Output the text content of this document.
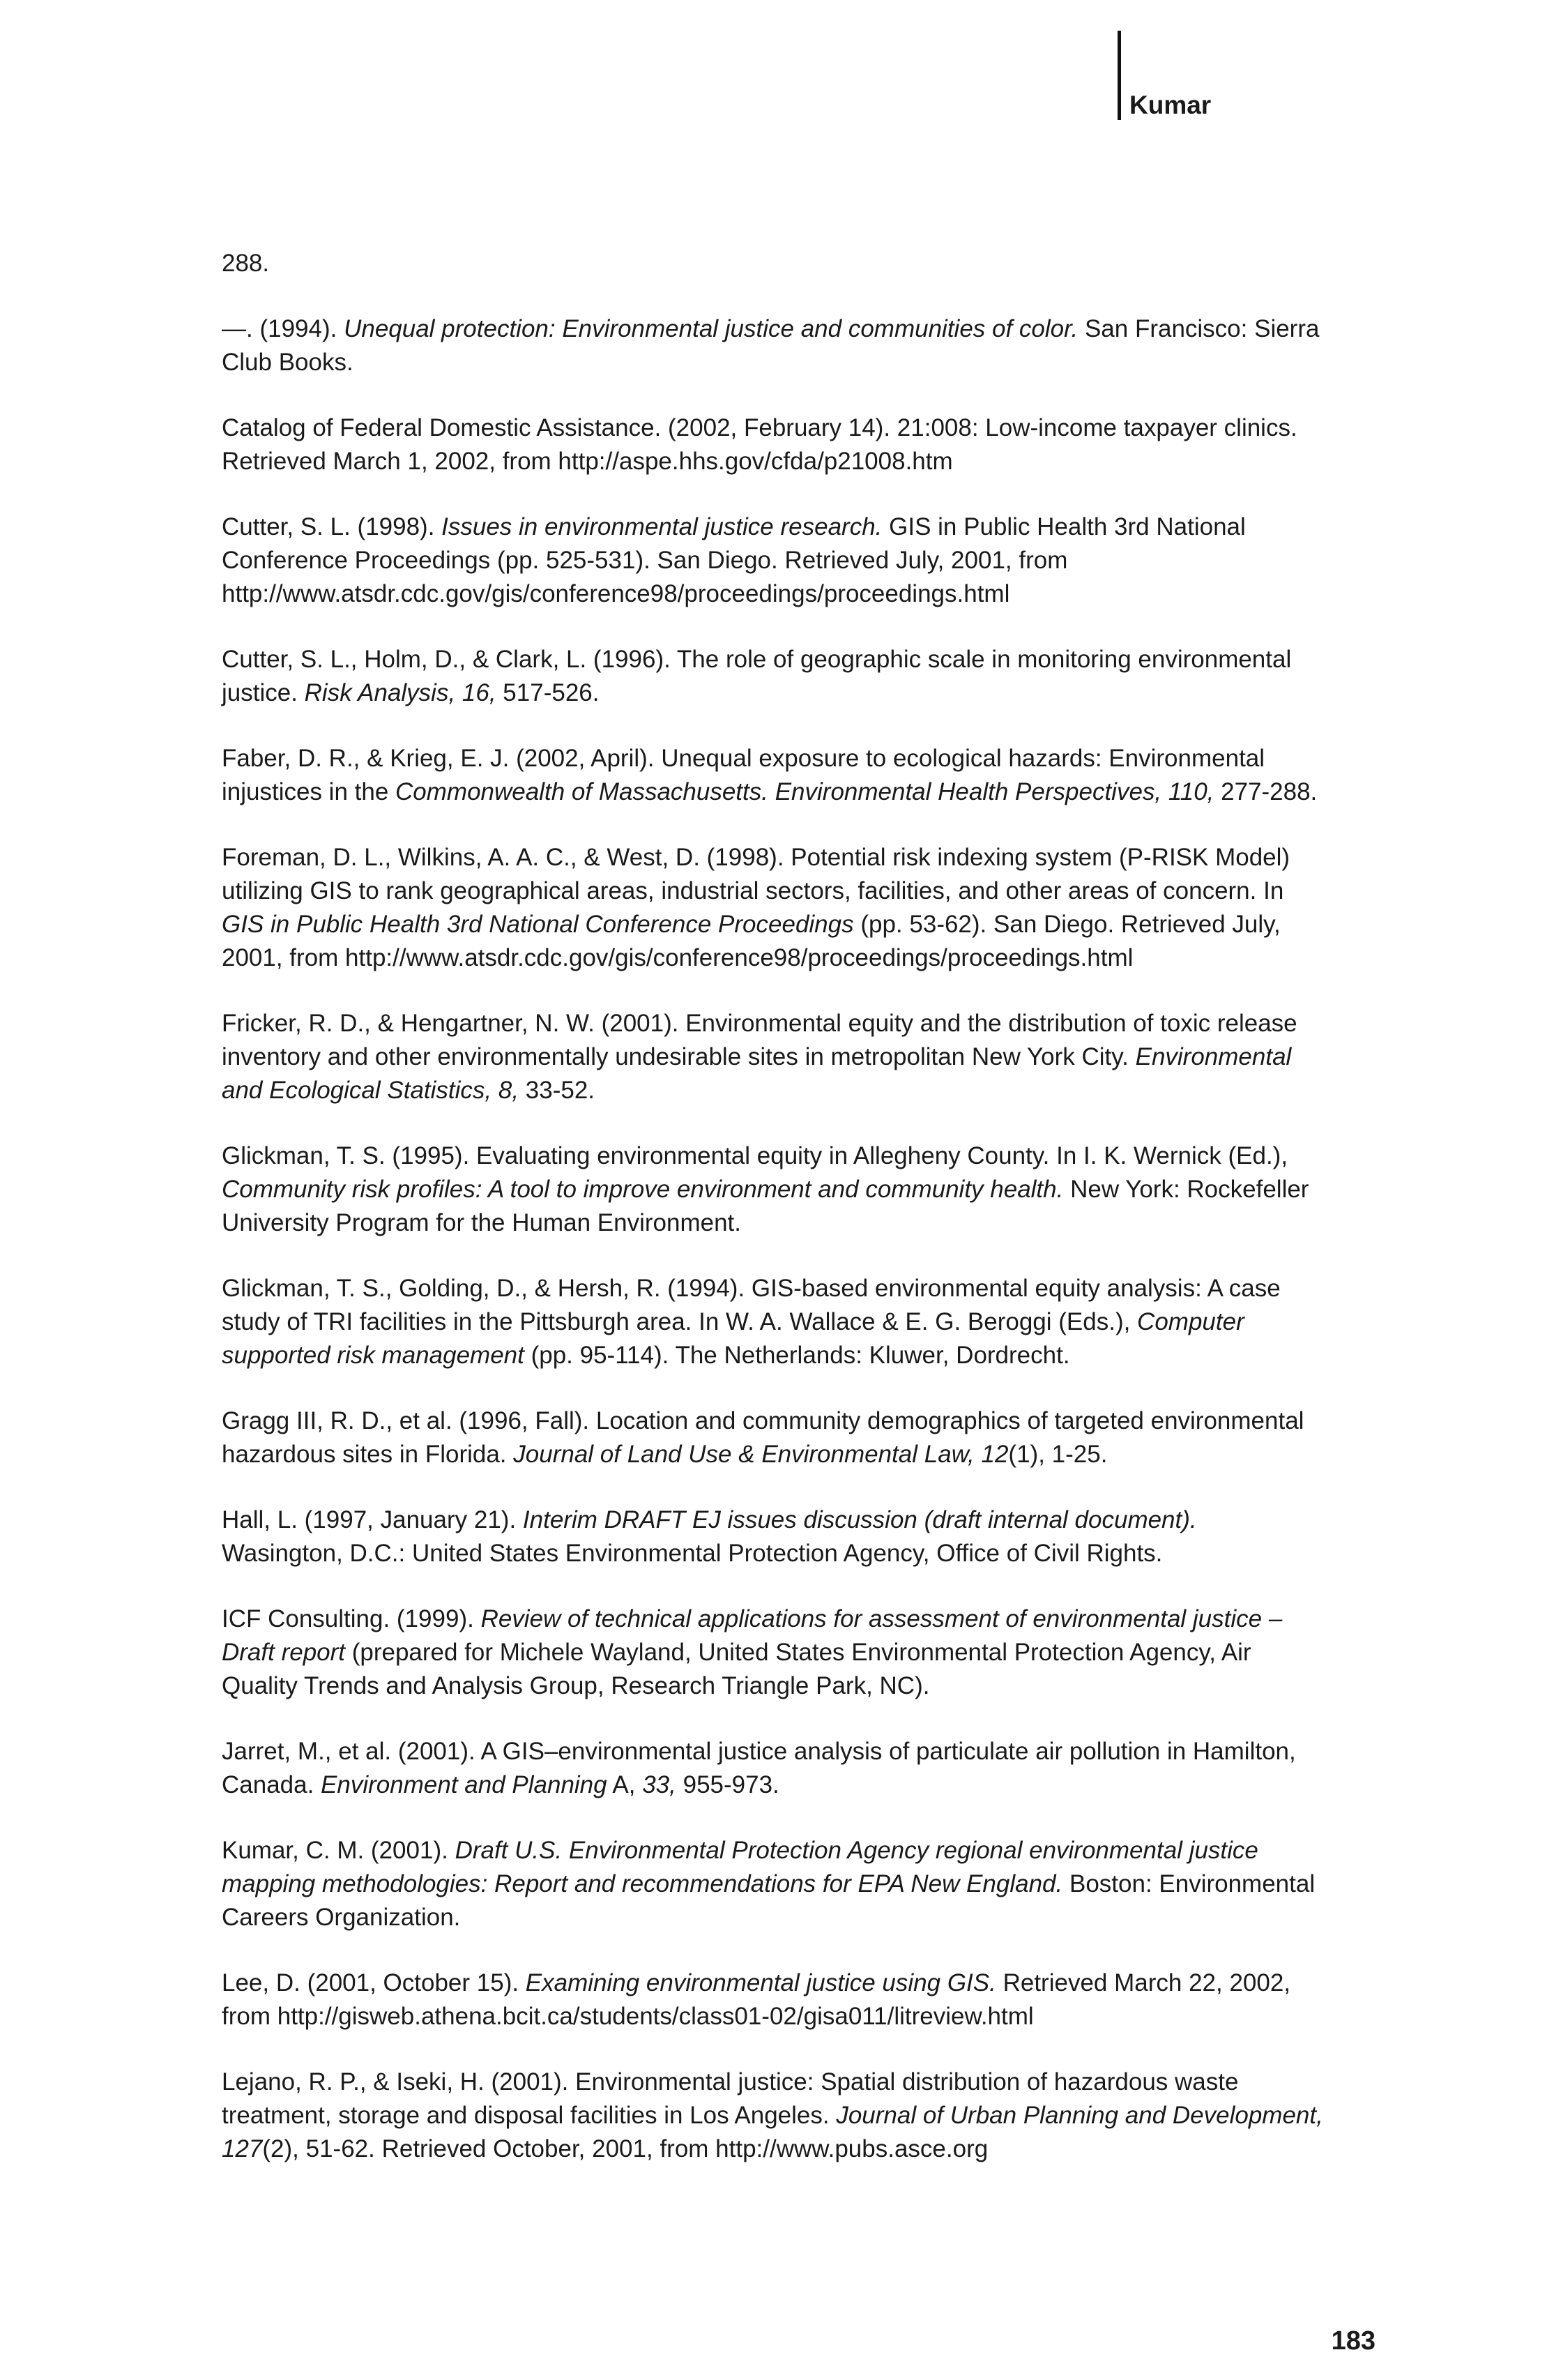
Kumar

288.

—. (1994). Unequal protection: Environmental justice and communities of color. San Francisco: Sierra Club Books.

Catalog of Federal Domestic Assistance. (2002, February 14). 21:008: Low-income taxpayer clinics. Retrieved March 1, 2002, from http://aspe.hhs.gov/cfda/p21008.htm

Cutter, S. L. (1998). Issues in environmental justice research. GIS in Public Health 3rd National Conference Proceedings (pp. 525-531). San Diego. Retrieved July, 2001, from http://www.atsdr.cdc.gov/gis/conference98/proceedings/proceedings.html

Cutter, S. L., Holm, D., & Clark, L. (1996). The role of geographic scale in monitoring environmental justice. Risk Analysis, 16, 517-526.

Faber, D. R., & Krieg, E. J. (2002, April). Unequal exposure to ecological hazards: Environmental injustices in the Commonwealth of Massachusetts. Environmental Health Perspectives, 110, 277-288.

Foreman, D. L., Wilkins, A. A. C., & West, D. (1998). Potential risk indexing system (P-RISK Model) utilizing GIS to rank geographical areas, industrial sectors, facilities, and other areas of concern. In GIS in Public Health 3rd National Conference Proceedings (pp. 53-62). San Diego. Retrieved July, 2001, from http://www.atsdr.cdc.gov/gis/conference98/proceedings/proceedings.html

Fricker, R. D., & Hengartner, N. W. (2001). Environmental equity and the distribution of toxic release inventory and other environmentally undesirable sites in metropolitan New York City. Environmental and Ecological Statistics, 8, 33-52.

Glickman, T. S. (1995). Evaluating environmental equity in Allegheny County. In I. K. Wernick (Ed.), Community risk profiles: A tool to improve environment and community health. New York: Rockefeller University Program for the Human Environment.

Glickman, T. S., Golding, D., & Hersh, R. (1994). GIS-based environmental equity analysis: A case study of TRI facilities in the Pittsburgh area. In W. A. Wallace & E. G. Beroggi (Eds.), Computer supported risk management (pp. 95-114). The Netherlands: Kluwer, Dordrecht.

Gragg III, R. D., et al. (1996, Fall). Location and community demographics of targeted environmental hazardous sites in Florida. Journal of Land Use & Environmental Law, 12(1), 1-25.

Hall, L. (1997, January 21). Interim DRAFT EJ issues discussion (draft internal document). Wasington, D.C.: United States Environmental Protection Agency, Office of Civil Rights.

ICF Consulting. (1999). Review of technical applications for assessment of environmental justice – Draft report (prepared for Michele Wayland, United States Environmental Protection Agency, Air Quality Trends and Analysis Group, Research Triangle Park, NC).

Jarret, M., et al. (2001). A GIS–environmental justice analysis of particulate air pollution in Hamilton, Canada. Environment and Planning A, 33, 955-973.

Kumar, C. M. (2001). Draft U.S. Environmental Protection Agency regional environmental justice mapping methodologies: Report and recommendations for EPA New England. Boston: Environmental Careers Organization.

Lee, D. (2001, October 15). Examining environmental justice using GIS. Retrieved March 22, 2002, from http://gisweb.athena.bcit.ca/students/class01-02/gisa011/litreview.html

Lejano, R. P., & Iseki, H. (2001). Environmental justice: Spatial distribution of hazardous waste treatment, storage and disposal facilities in Los Angeles. Journal of Urban Planning and Development, 127(2), 51-62. Retrieved October, 2001, from http://www.pubs.asce.org

183
